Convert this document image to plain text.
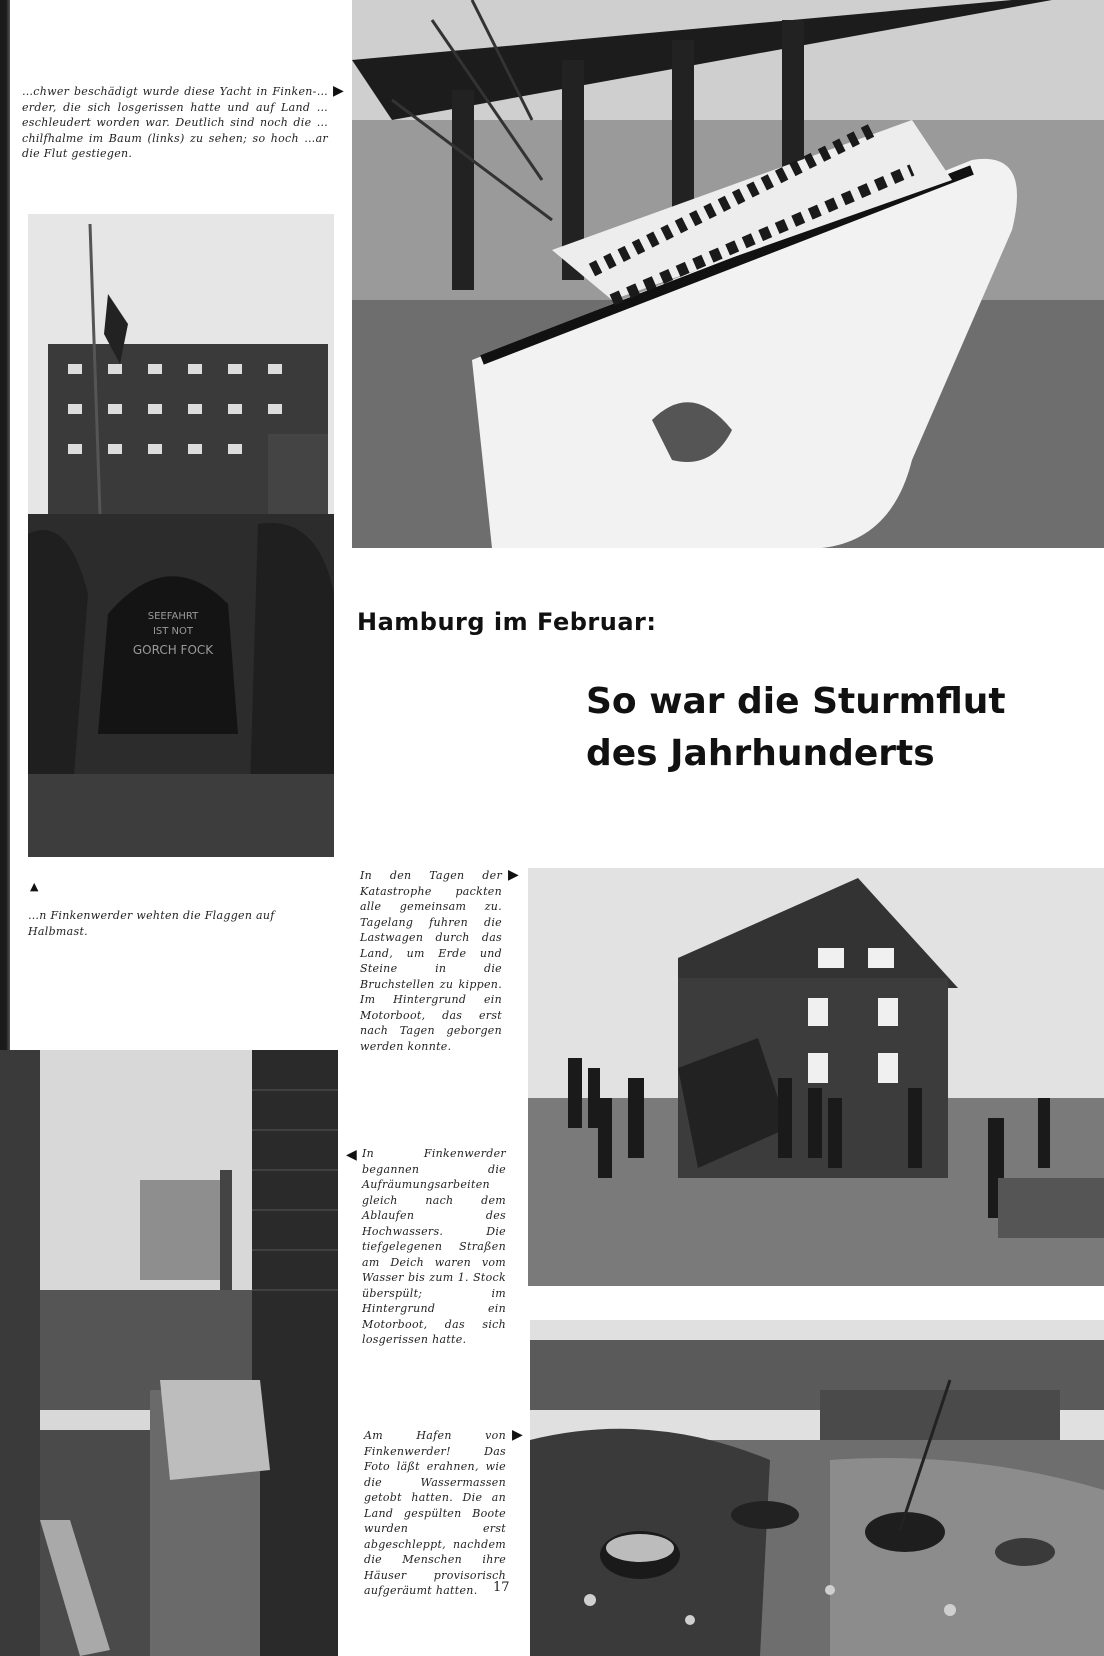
…chwer beschädigt wurde diese Yacht in Finken-…erder, die sich losgerissen hatte und auf Land …eschleudert worden war. Deutlich sind noch die …chilfhalme im Baum (links) zu sehen; so hoch …ar die Flut gestiegen.
▶
SEEFAHRT
IST NOT
GORCH FOCK
Hamburg im Februar:
So war die Sturmflut
des Jahrhunderts
▲
…n Finkenwerder wehten die Flaggen auf Halbmast.
In den Tagen der Katastrophe packten alle gemeinsam zu. Tagelang fuhren die Lastwagen durch das Land, um Erde und Steine in die Bruchstellen zu kippen. Im Hintergrund ein Motorboot, das erst nach Tagen geborgen werden konnte.
▶
◀ In Finkenwerder begannen die Aufräumungsarbeiten gleich nach dem Ablaufen des Hochwassers. Die tiefgelegenen Straßen am Deich waren vom Wasser bis zum 1. Stock überspült; im Hintergrund ein Motorboot, das sich losgerissen hatte.
Am Hafen von Finkenwerder! Das Foto läßt erahnen, wie die Wassermassen getobt hatten. Die an Land gespülten Boote wurden erst abgeschleppt, nachdem die Menschen ihre Häuser provisorisch aufgeräumt hatten.
▶
17
